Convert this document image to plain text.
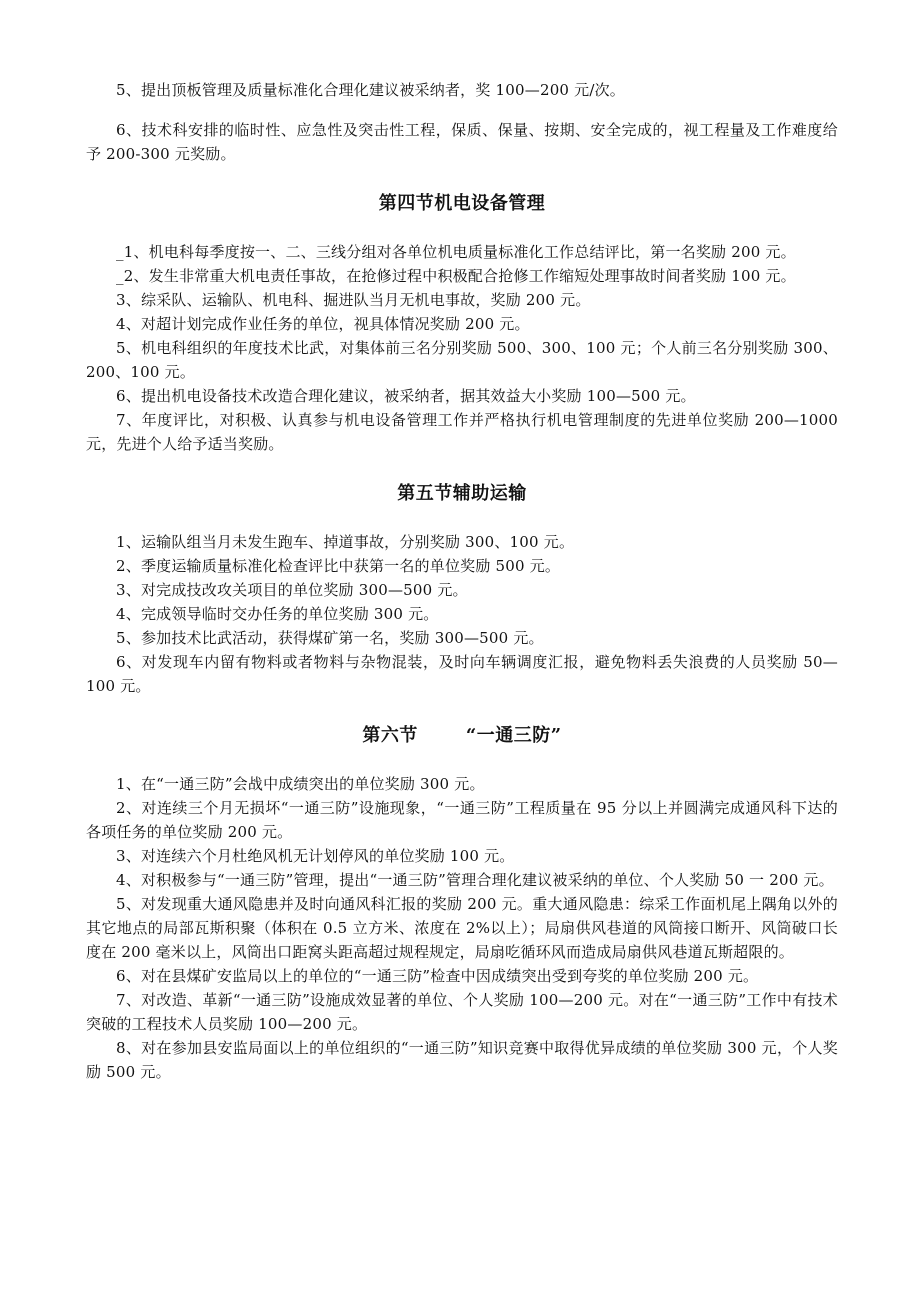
5、提出顶板管理及质量标准化合理化建议被采纳者，奖 100—200 元/次。

6、技术科安排的临时性、应急性及突击性工程，保质、保量、按期、安全完成的，视工程量及工作难度给予 200-300 元奖励。

第四节机电设备管理

_1、机电科每季度按一、二、三线分组对各单位机电质量标准化工作总结评比，第一名奖励 200 元。

_2、发生非常重大机电责任事故，在抢修过程中积极配合抢修工作缩短处理事故时间者奖励 100 元。

3、综采队、运输队、机电科、掘进队当月无机电事故，奖励 200 元。

4、对超计划完成作业任务的单位，视具体情况奖励 200 元。

5、机电科组织的年度技术比武，对集体前三名分别奖励 500、300、100 元；个人前三名分别奖励 300、200、100 元。

6、提出机电设备技术改造合理化建议，被采纳者，据其效益大小奖励 100—500 元。

7、年度评比，对积极、认真参与机电设备管理工作并严格执行机电管理制度的先进单位奖励 200—1000 元，先进个人给予适当奖励。

第五节辅助运输

1、运输队组当月未发生跑车、掉道事故，分别奖励 300、100 元。

2、季度运输质量标准化检查评比中获第一名的单位奖励 500 元。

3、对完成技改攻关项目的单位奖励 300—500 元。

4、完成领导临时交办任务的单位奖励 300 元。

5、参加技术比武活动，获得煤矿第一名，奖励 300—500 元。

6、对发现车内留有物料或者物料与杂物混装，及时向车辆调度汇报，避免物料丢失浪费的人员奖励 50—100 元。

第六节	“一通三防”

1、在“一通三防”会战中成绩突出的单位奖励 300 元。

2、对连续三个月无损坏“一通三防”设施现象，“一通三防”工程质量在 95 分以上并圆满完成通风科下达的各项任务的单位奖励 200 元。

3、对连续六个月杜绝风机无计划停风的单位奖励 100 元。

4、对积极参与“一通三防”管理，提出“一通三防”管理合理化建议被采纳的单位、个人奖励 50 一 200 元。

5、对发现重大通风隐患并及时向通风科汇报的奖励 200 元。重大通风隐患：综采工作面机尾上隅角以外的其它地点的局部瓦斯积聚（体积在 0.5 立方米、浓度在 2%以上）；局扇供风巷道的风筒接口断开、风筒破口长度在 200 毫米以上，风筒出口距窝头距高超过规程规定，局扇吃循环风而造成局扇供风巷道瓦斯超限的。

6、对在县煤矿安监局以上的单位的“一通三防”检查中因成绩突出受到夸奖的单位奖励 200 元。

7、对改造、革新“一通三防”设施成效显著的单位、个人奖励 100—200 元。对在“一通三防”工作中有技术突破的工程技术人员奖励 100—200 元。

8、对在参加县安监局面以上的单位组织的“一通三防”知识竞赛中取得优异成绩的单位奖励 300 元，个人奖励 500 元。
